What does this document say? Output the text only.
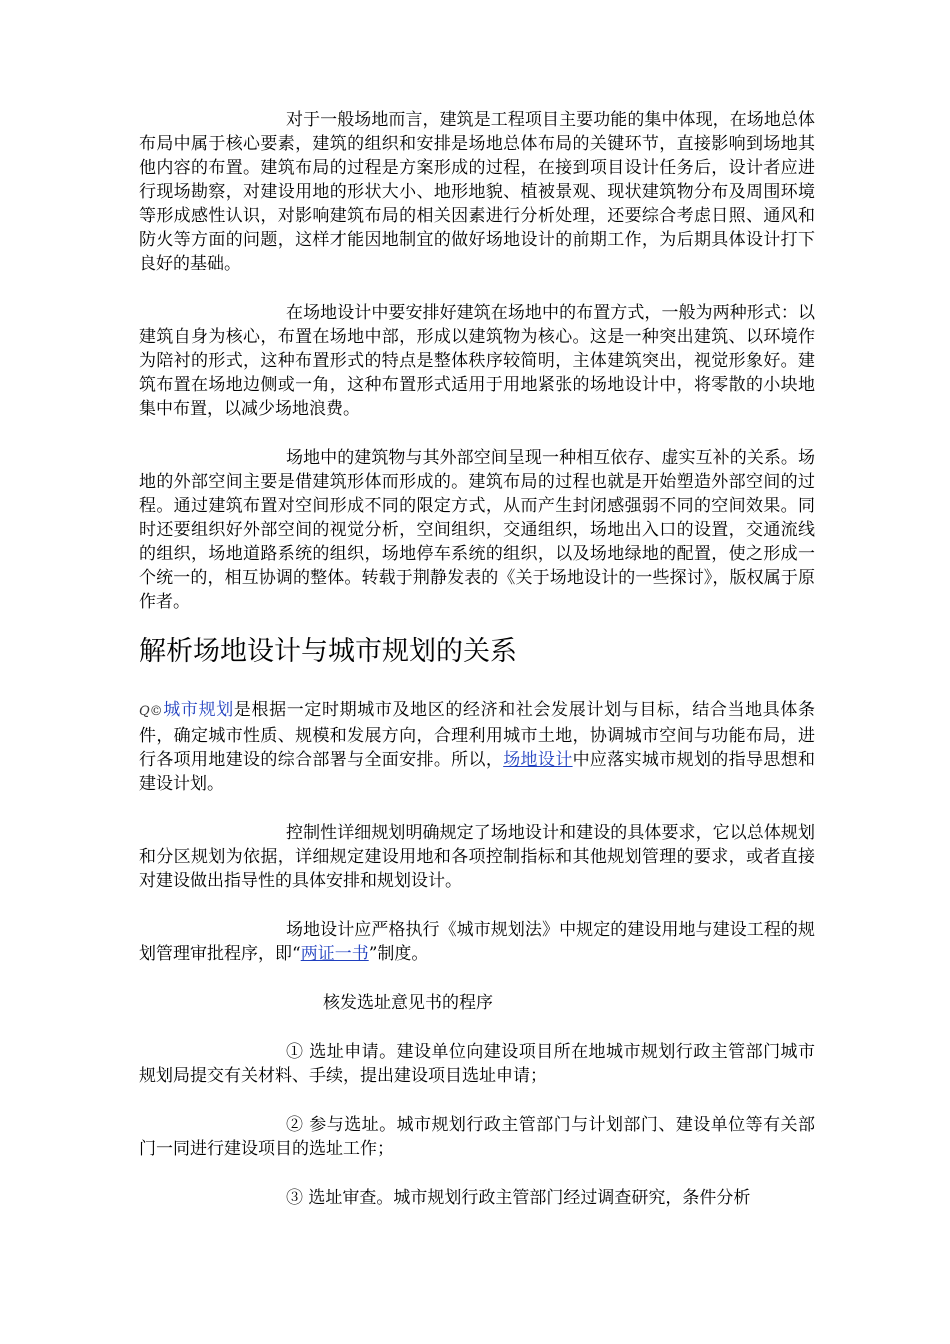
对于一般场地而言，建筑是工程项目主要功能的集中体现，在场地总体布局中属于核心要素，建筑的组织和安排是场地总体布局的关键环节，直接影响到场地其他内容的布置。建筑布局的过程是方案形成的过程，在接到项目设计任务后，设计者应进行现场勘察，对建设用地的形状大小、地形地貌、植被景观、现状建筑物分布及周围环境等形成感性认识，对影响建筑布局的相关因素进行分析处理，还要综合考虑日照、通风和防火等方面的问题，这样才能因地制宜的做好场地设计的前期工作，为后期具体设计打下良好的基础。

在场地设计中要安排好建筑在场地中的布置方式，一般为两种形式：以建筑自身为核心，布置在场地中部，形成以建筑物为核心。这是一种突出建筑、以环境作为陪衬的形式，这种布置形式的特点是整体秩序较简明，主体建筑突出，视觉形象好。建筑布置在场地边侧或一角，这种布置形式适用于用地紧张的场地设计中，将零散的小块地集中布置，以减少场地浪费。

场地中的建筑物与其外部空间呈现一种相互依存、虚实互补的关系。场地的外部空间主要是借建筑形体而形成的。建筑布局的过程也就是开始塑造外部空间的过程。通过建筑布置对空间形成不同的限定方式，从而产生封闭感强弱不同的空间效果。同时还要组织好外部空间的视觉分析，空间组织，交通组织，场地出入口的设置，交通流线的组织，场地道路系统的组织，场地停车系统的组织，以及场地绿地的配置，使之形成一个统一的，相互协调的整体。转载于荆静发表的《关于场地设计的一些探讨》，版权属于原作者。

解析场地设计与城市规划的关系

Q©城市规划是根据一定时期城市及地区的经济和社会发展计划与目标，结合当地具体条件，确定城市性质、规模和发展方向，合理利用城市土地，协调城市空间与功能布局，进行各项用地建设的综合部署与全面安排。所以，场地设计中应落实城市规划的指导思想和建设计划。

控制性详细规划明确规定了场地设计和建设的具体要求，它以总体规划和分区规划为依据，详细规定建设用地和各项控制指标和其他规划管理的要求，或者直接对建设做出指导性的具体安排和规划设计。

场地设计应严格执行《城市规划法》中规定的建设用地与建设工程的规划管理审批程序，即“两证一书”制度。

核发选址意见书的程序

① 选址申请。建设单位向建设项目所在地城市规划行政主管部门城市规划局提交有关材料、手续，提出建设项目选址申请；

② 参与选址。城市规划行政主管部门与计划部门、建设单位等有关部门一同进行建设项目的选址工作；

③ 选址审查。城市规划行政主管部门经过调查研究，条件分析
